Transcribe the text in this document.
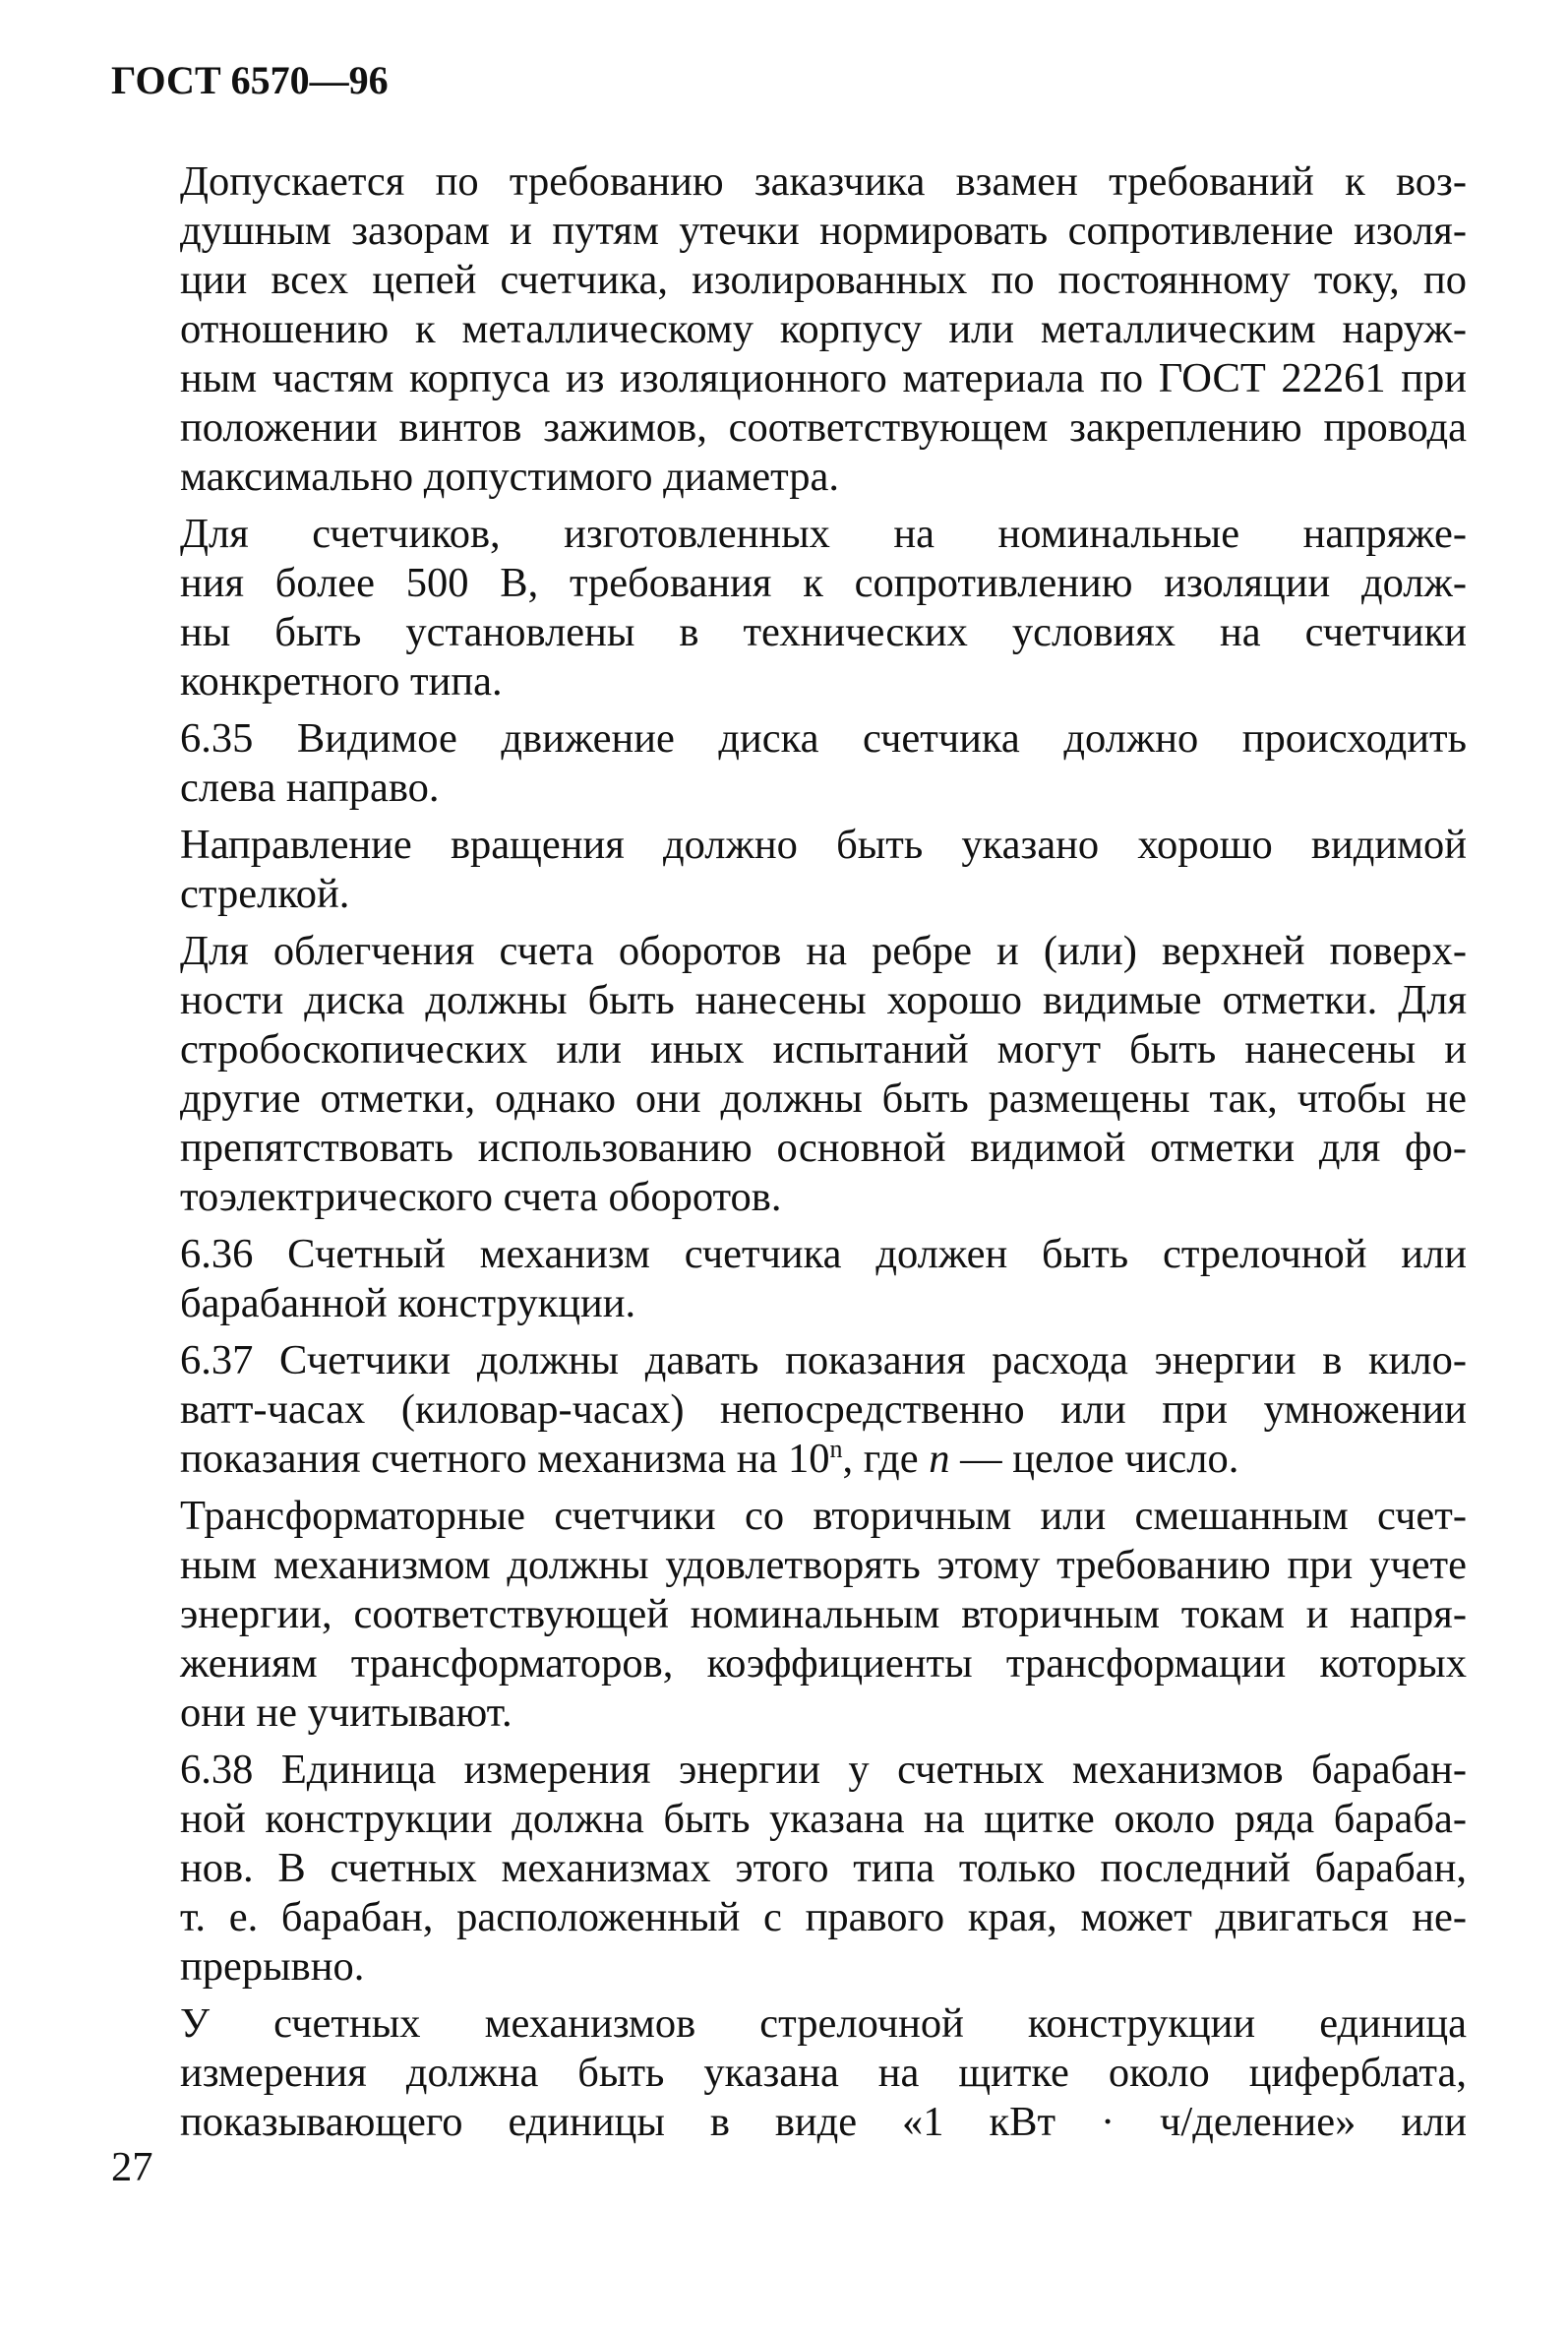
ГОСТ 6570—96

Допускается по требованию заказчика взамен требований к воз-
душным зазорам и путям утечки нормировать сопротивление изоля-
ции всех цепей счетчика, изолированных по постоянному току, по
отношению к металлическому корпусу или металлическим наруж-
ным частям корпуса из изоляционного материала по ГОСТ 22261 при
положении винтов зажимов, соответствующем закреплению провода
максимально допустимого диаметра.

Для счетчиков, изготовленных на номинальные напряже-
ния более 500 В, требования к сопротивлению изоляции долж-
ны быть установлены в технических условиях на счетчики
конкретного типа.

6.35 Видимое движение диска счетчика должно происходить
слева направо.

Направление вращения должно быть указано хорошо видимой
стрелкой.

Для облегчения счета оборотов на ребре и (или) верхней поверх-
ности диска должны быть нанесены хорошо видимые отметки. Для
стробоскопических или иных испытаний могут быть нанесены и
другие отметки, однако они должны быть размещены так, чтобы не
препятствовать использованию основной видимой отметки для фо-
тоэлектрического счета оборотов.

6.36 Счетный механизм счетчика должен быть стрелочной или
барабанной конструкции.

6.37 Счетчики должны давать показания расхода энергии в кило-
ватт-часах (киловар-часах) непосредственно или при умножении
показания счетного механизма на 10$^n$, где n — целое число.

Трансформаторные счетчики со вторичным или смешанным счет-
ным механизмом должны удовлетворять этому требованию при учете
энергии, соответствующей номинальным вторичным токам и напря-
жениям трансформаторов, коэффициенты трансформации которых
они не учитывают.

6.38 Единица измерения энергии у счетных механизмов барабан-
ной конструкции должна быть указана на щитке около ряда бараба-
нов. В счетных механизмах этого типа только последний барабан,
т. е. барабан, расположенный с правого края, может двигаться не-
прерывно.

У счетных механизмов стрелочной конструкции единица
измерения должна быть указана на щитке около циферблата,
показывающего единицы в виде «1 кВт · ч/деление» или

27
